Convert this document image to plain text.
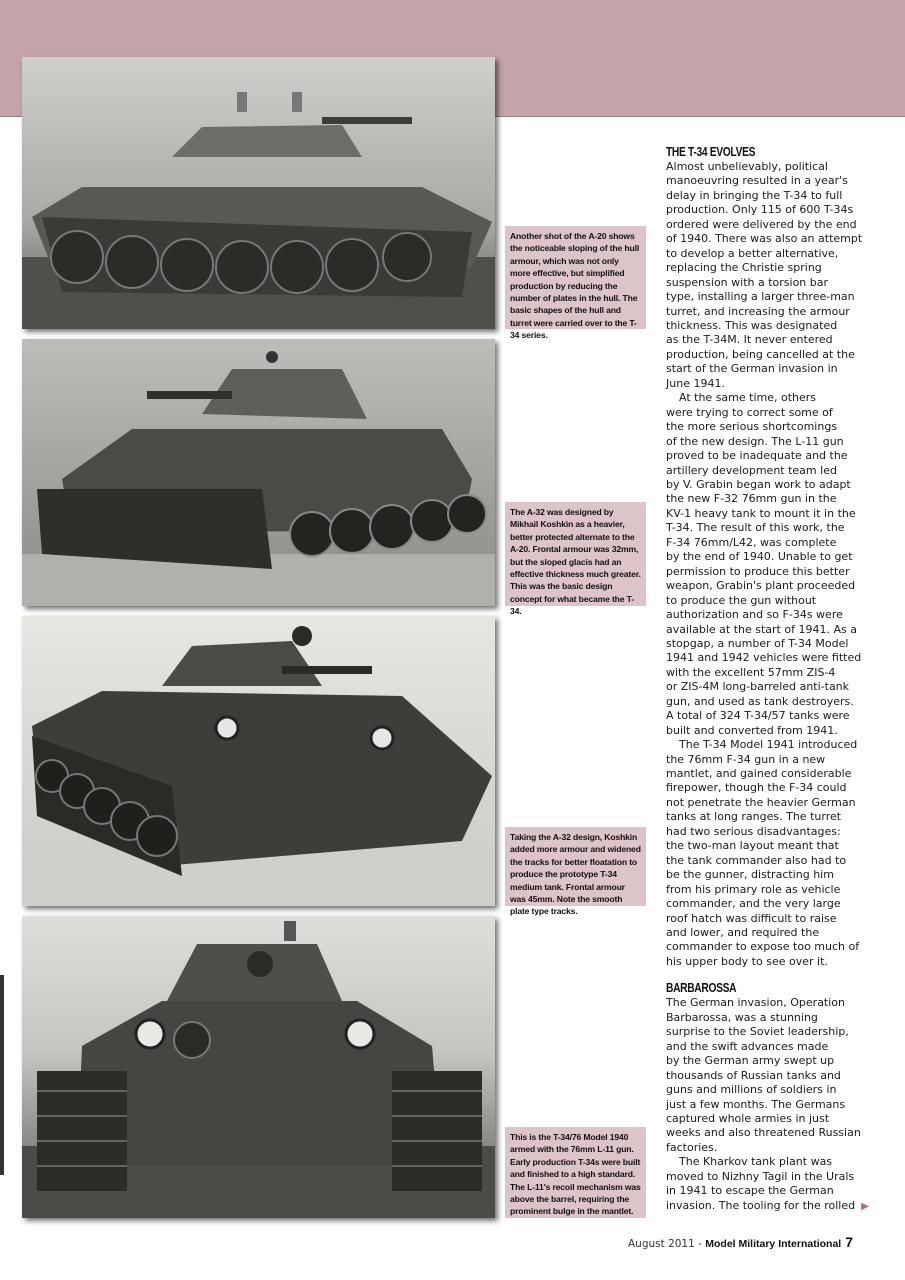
Another shot of the A-20 shows the noticeable sloping of the hull armour, which was not only more effective, but simplified production by reducing the number of plates in the hull. The basic shapes of the hull and turret were carried over to the T-34 series.
The A-32 was designed by Mikhail Koshkin as a heavier, better protected alternate to the A-20. Frontal armour was 32mm, but the sloped glacis had an effective thickness much greater. This was the basic design concept for what became the T-34.
Taking the A-32 design, Koshkin added more armour and widened the tracks for better floatation to produce the prototype T-34 medium tank. Frontal armour was 45mm. Note the smooth plate type tracks.
This is the T-34/76 Model 1940 armed with the 76mm L-11 gun. Early production T-34s were built and finished to a high standard. The L-11's recoil mechanism was above the barrel, requiring the prominent bulge in the mantlet.
THE T-34 EVOLVES
Almost unbelievably, political
manoeuvring resulted in a year's
delay in bringing the T-34 to full
production. Only 115 of 600 T-34s
ordered were delivered by the end
of 1940. There was also an attempt
to develop a better alternative,
replacing the Christie spring
suspension with a torsion bar
type, installing a larger three-man
turret, and increasing the armour
thickness. This was designated
as the T-34M. It never entered
production, being cancelled at the
start of the German invasion in
June 1941.
At the same time, others
were trying to correct some of
the more serious shortcomings
of the new design. The L-11 gun
proved to be inadequate and the
artillery development team led
by V. Grabin began work to adapt
the new F-32 76mm gun in the
KV-1 heavy tank to mount it in the
T-34. The result of this work, the
F-34 76mm/L42, was complete
by the end of 1940. Unable to get
permission to produce this better
weapon, Grabin's plant proceeded
to produce the gun without
authorization and so F-34s were
available at the start of 1941. As a
stopgap, a number of T-34 Model
1941 and 1942 vehicles were fitted
with the excellent 57mm ZIS-4
or ZIS-4M long-barreled anti-tank
gun, and used as tank destroyers.
A total of 324 T-34/57 tanks were
built and converted from 1941.
The T-34 Model 1941 introduced
the 76mm F-34 gun in a new
mantlet, and gained considerable
firepower, though the F-34 could
not penetrate the heavier German
tanks at long ranges. The turret
had two serious disadvantages:
the two-man layout meant that
the tank commander also had to
be the gunner, distracting him
from his primary role as vehicle
commander, and the very large
roof hatch was difficult to raise
and lower, and required the
commander to expose too much of
his upper body to see over it.
BARBAROSSA
The German invasion, Operation
Barbarossa, was a stunning
surprise to the Soviet leadership,
and the swift advances made
by the German army swept up
thousands of Russian tanks and
guns and millions of soldiers in
just a few months. The Germans
captured whole armies in just
weeks and also threatened Russian
factories.
The Kharkov tank plant was
moved to Nizhny Tagil in the Urals
in 1941 to escape the German
invasion. The tooling for the rolled ▶
August 2011 - Model Military International 7
